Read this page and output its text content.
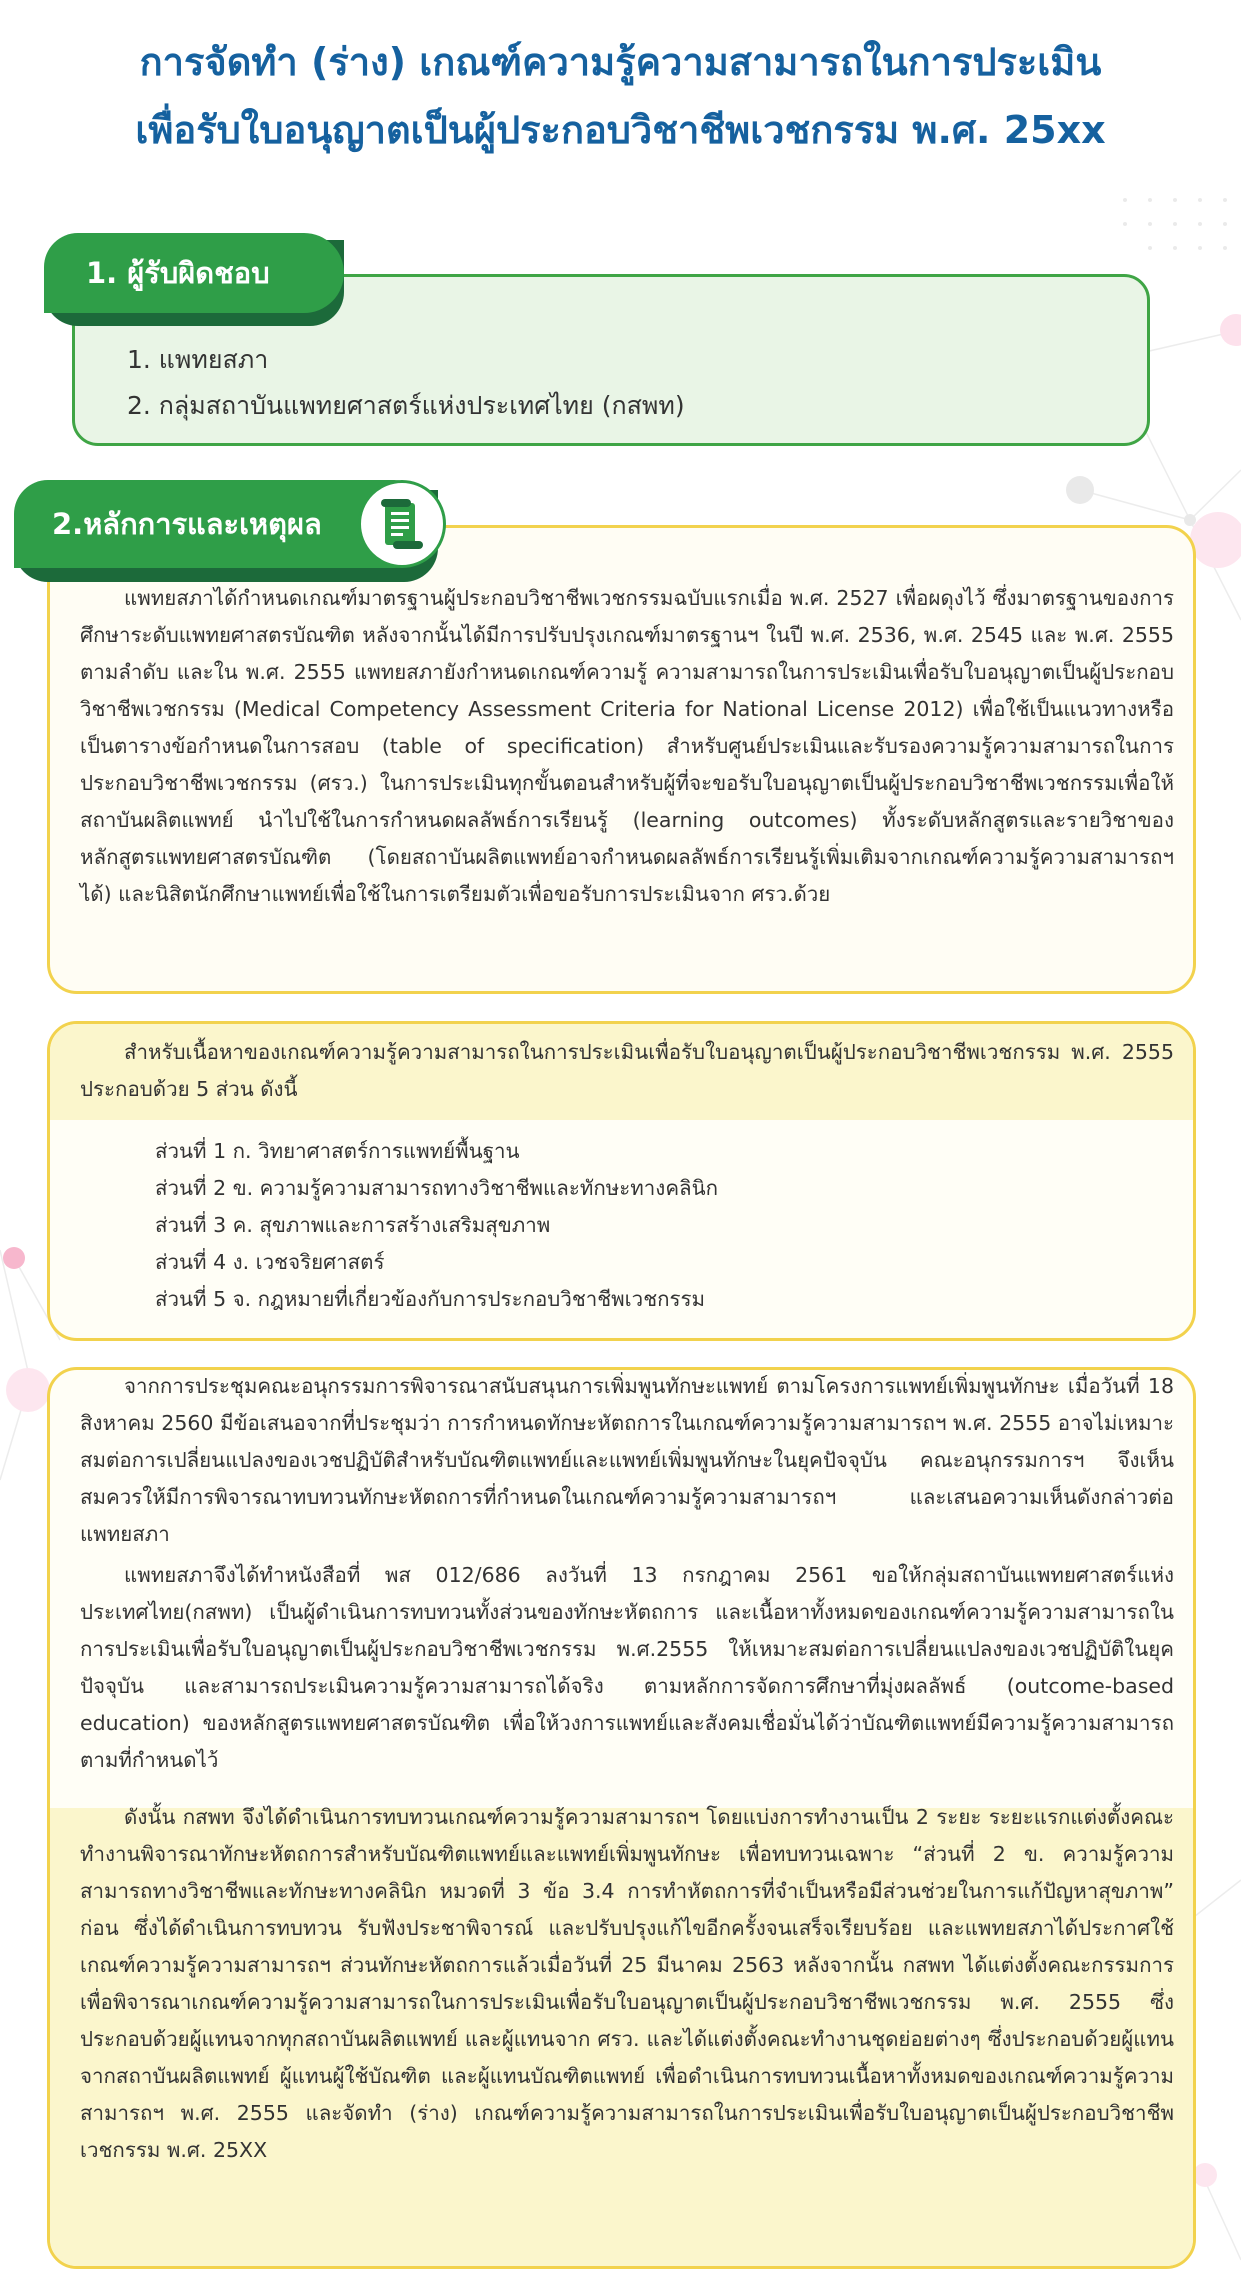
การจัดทำ (ร่าง) เกณฑ์ความรู้ความสามารถในการประเมิน
เพื่อรับใบอนุญาตเป็นผู้ประกอบวิชาชีพเวชกรรม พ.ศ. 25xx
1. ผู้รับผิดชอบ
1. แพทยสภา
2. กลุ่มสถาบันแพทยศาสตร์แห่งประเทศไทย (กสพท)
2.หลักการและเหตุผล

แพทยสภาได้กำหนดเกณฑ์มาตรฐานผู้ประกอบวิชาชีพเวชกรรมฉบับแรกเมื่อ พ.ศ. 2527 เพื่อผดุงไว้ ซึ่งมาตรฐานของการศึกษาระดับแพทยศาสตรบัณฑิต หลังจากนั้นได้มีการปรับปรุงเกณฑ์มาตรฐานฯ ในปี พ.ศ. 2536, พ.ศ. 2545 และ พ.ศ. 2555 ตามลำดับ และใน พ.ศ. 2555 แพทยสภายังกำหนดเกณฑ์ความรู้ ความสามารถในการประเมินเพื่อรับใบอนุญาตเป็นผู้ประกอบวิชาชีพเวชกรรม (Medical Competency Assessment Criteria for National License 2012) เพื่อใช้เป็นแนวทางหรือเป็นตารางข้อกำหนดในการสอบ (table of specification) สำหรับศูนย์ประเมินและรับรองความรู้ความสามารถในการประกอบวิชาชีพเวชกรรม (ศรว.) ในการประเมินทุกขั้นตอนสำหรับผู้ที่จะขอรับใบอนุญาตเป็นผู้ประกอบวิชาชีพเวชกรรมเพื่อให้สถาบันผลิตแพทย์ นำไปใช้ในการกำหนดผลลัพธ์การเรียนรู้ (learning outcomes) ทั้งระดับหลักสูตรและรายวิชาของหลักสูตรแพทยศาสตรบัณฑิต (โดยสถาบันผลิตแพทย์อาจกำหนดผลลัพธ์การเรียนรู้เพิ่มเติมจากเกณฑ์ความรู้ความสามารถฯ ได้) และนิสิตนักศึกษาแพทย์เพื่อใช้ในการเตรียมตัวเพื่อขอรับการประเมินจาก ศรว.ด้วย

สำหรับเนื้อหาของเกณฑ์ความรู้ความสามารถในการประเมินเพื่อรับใบอนุญาตเป็นผู้ประกอบวิชาชีพเวชกรรม พ.ศ. 2555 ประกอบด้วย 5 ส่วน ดังนี้

ส่วนที่ 1 ก. วิทยาศาสตร์การแพทย์พื้นฐาน
ส่วนที่ 2 ข. ความรู้ความสามารถทางวิชาชีพและทักษะทางคลินิก
ส่วนที่ 3 ค. สุขภาพและการสร้างเสริมสุขภาพ
ส่วนที่ 4 ง. เวชจริยศาสตร์
ส่วนที่ 5 จ. กฎหมายที่เกี่ยวข้องกับการประกอบวิชาชีพเวชกรรม

จากการประชุมคณะอนุกรรมการพิจารณาสนับสนุนการเพิ่มพูนทักษะแพทย์ ตามโครงการแพทย์เพิ่มพูนทักษะ เมื่อวันที่ 18 สิงหาคม 2560 มีข้อเสนอจากที่ประชุมว่า การกำหนดทักษะหัตถการในเกณฑ์ความรู้ความสามารถฯ พ.ศ. 2555 อาจไม่เหมาะสมต่อการเปลี่ยนแปลงของเวชปฏิบัติสำหรับบัณฑิตแพทย์และแพทย์เพิ่มพูนทักษะในยุคปัจจุบัน คณะอนุกรรมการฯ จึงเห็นสมควรให้มีการพิจารณาทบทวนทักษะหัตถการที่กำหนดในเกณฑ์ความรู้ความสามารถฯ และเสนอความเห็นดังกล่าวต่อแพทยสภา

แพทยสภาจึงได้ทำหนังสือที่ พส 012/686 ลงวันที่ 13 กรกฎาคม 2561 ขอให้กลุ่มสถาบันแพทยศาสตร์แห่งประเทศไทย(กสพท) เป็นผู้ดำเนินการทบทวนทั้งส่วนของทักษะหัตถการ และเนื้อหาทั้งหมดของเกณฑ์ความรู้ความสามารถในการประเมินเพื่อรับใบอนุญาตเป็นผู้ประกอบวิชาชีพเวชกรรม พ.ศ.2555 ให้เหมาะสมต่อการเปลี่ยนแปลงของเวชปฏิบัติในยุคปัจจุบัน และสามารถประเมินความรู้ความสามารถได้จริง ตามหลักการจัดการศึกษาที่มุ่งผลลัพธ์ (outcome-based education) ของหลักสูตรแพทยศาสตรบัณฑิต เพื่อให้วงการแพทย์และสังคมเชื่อมั่นได้ว่าบัณฑิตแพทย์มีความรู้ความสามารถตามที่กำหนดไว้

ดังนั้น กสพท จึงได้ดำเนินการทบทวนเกณฑ์ความรู้ความสามารถฯ โดยแบ่งการทำงานเป็น 2 ระยะ ระยะแรกแต่งตั้งคณะทำงานพิจารณาทักษะหัตถการสำหรับบัณฑิตแพทย์และแพทย์เพิ่มพูนทักษะ เพื่อทบทวนเฉพาะ “ส่วนที่ 2 ข. ความรู้ความสามารถทางวิชาชีพและทักษะทางคลินิก หมวดที่ 3 ข้อ 3.4 การทำหัตถการที่จำเป็นหรือมีส่วนช่วยในการแก้ปัญหาสุขภาพ” ก่อน ซึ่งได้ดำเนินการทบทวน รับฟังประชาพิจารณ์ และปรับปรุงแก้ไขอีกครั้งจนเสร็จเรียบร้อย และแพทยสภาได้ประกาศใช้เกณฑ์ความรู้ความสามารถฯ ส่วนทักษะหัตถการแล้วเมื่อวันที่ 25 มีนาคม 2563 หลังจากนั้น กสพท ได้แต่งตั้งคณะกรรมการเพื่อพิจารณาเกณฑ์ความรู้ความสามารถในการประเมินเพื่อรับใบอนุญาตเป็นผู้ประกอบวิชาชีพเวชกรรม พ.ศ. 2555 ซึ่งประกอบด้วยผู้แทนจากทุกสถาบันผลิตแพทย์ และผู้แทนจาก ศรว. และได้แต่งตั้งคณะทำงานชุดย่อยต่างๆ ซึ่งประกอบด้วยผู้แทนจากสถาบันผลิตแพทย์ ผู้แทนผู้ใช้บัณฑิต และผู้แทนบัณฑิตแพทย์ เพื่อดำเนินการทบทวนเนื้อหาทั้งหมดของเกณฑ์ความรู้ความสามารถฯ พ.ศ. 2555 และจัดทำ (ร่าง) เกณฑ์ความรู้ความสามารถในการประเมินเพื่อรับใบอนุญาตเป็นผู้ประกอบวิชาชีพเวชกรรม พ.ศ. 25XX
